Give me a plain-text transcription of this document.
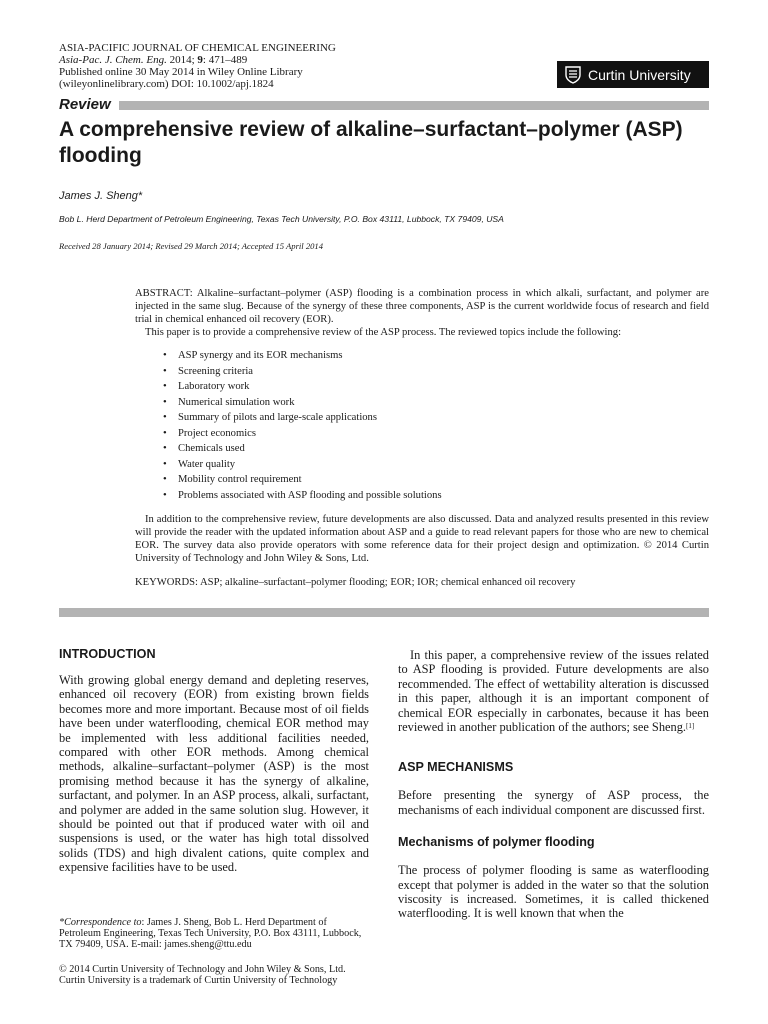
ASIA-PACIFIC JOURNAL OF CHEMICAL ENGINEERING
Asia-Pac. J. Chem. Eng. 2014; 9: 471–489
Published online 30 May 2014 in Wiley Online Library
(wileyonlinelibrary.com) DOI: 10.1002/apj.1824
Curtin University
Review
A comprehensive review of alkaline–surfactant–polymer (ASP) flooding
James J. Sheng*
Bob L. Herd Department of Petroleum Engineering, Texas Tech University, P.O. Box 43111, Lubbock, TX 79409, USA
Received 28 January 2014; Revised 29 March 2014; Accepted 15 April 2014

ABSTRACT: Alkaline–surfactant–polymer (ASP) flooding is a combination process in which alkali, surfactant, and polymer are injected in the same slug. Because of the synergy of these three components, ASP is the current worldwide focus of research and field trial in chemical enhanced oil recovery (EOR).

This paper is to provide a comprehensive review of the ASP process. The reviewed topics include the following:

• ASP synergy and its EOR mechanisms
• Screening criteria
• Laboratory work
• Numerical simulation work
• Summary of pilots and large-scale applications
• Project economics
• Chemicals used
• Water quality
• Mobility control requirement
• Problems associated with ASP flooding and possible solutions

In addition to the comprehensive review, future developments are also discussed. Data and analyzed results presented in this review will provide the reader with the updated information about ASP and a guide to read relevant papers for those who are new to chemical EOR. The survey data also provide operators with some reference data for their project design and optimization. © 2014 Curtin University of Technology and John Wiley & Sons, Ltd.

KEYWORDS: ASP; alkaline–surfactant–polymer flooding; EOR; IOR; chemical enhanced oil recovery

INTRODUCTION

With growing global energy demand and depleting reserves, enhanced oil recovery (EOR) from existing brown fields becomes more and more important. Because most of oil fields have been under waterflooding, chemical EOR method may be implemented with less additional facilities needed, compared with other EOR methods. Among chemical methods, alkaline–surfactant–polymer (ASP) is the most promising method because it has the synergy of alkaline, surfactant, and polymer. In an ASP process, alkali, surfactant, and polymer are added in the same solution slug. However, it should be pointed out that if produced water with oil and suspensions is used, or the water has high total dissolved solids (TDS) and high divalent cations, quite complex and expensive facilities have to be used.

In this paper, a comprehensive review of the issues related to ASP flooding is provided. Future developments are also recommended. The effect of wettability alteration is discussed in this paper, although it is an important component of chemical EOR especially in carbonates, because it has been reviewed in another publication of the authors; see Sheng.[1]

ASP MECHANISMS

Before presenting the synergy of ASP process, the mechanisms of each individual component are discussed first.

Mechanisms of polymer flooding

The process of polymer flooding is same as waterflooding except that polymer is added in the water so that the solution viscosity is increased. Sometimes, it is called thickened waterflooding. It is well known that when the

*Correspondence to: James J. Sheng, Bob L. Herd Department of Petroleum Engineering, Texas Tech University, P.O. Box 43111, Lubbock, TX 79409, USA. E-mail: james.sheng@ttu.edu
© 2014 Curtin University of Technology and John Wiley & Sons, Ltd.
Curtin University is a trademark of Curtin University of Technology
